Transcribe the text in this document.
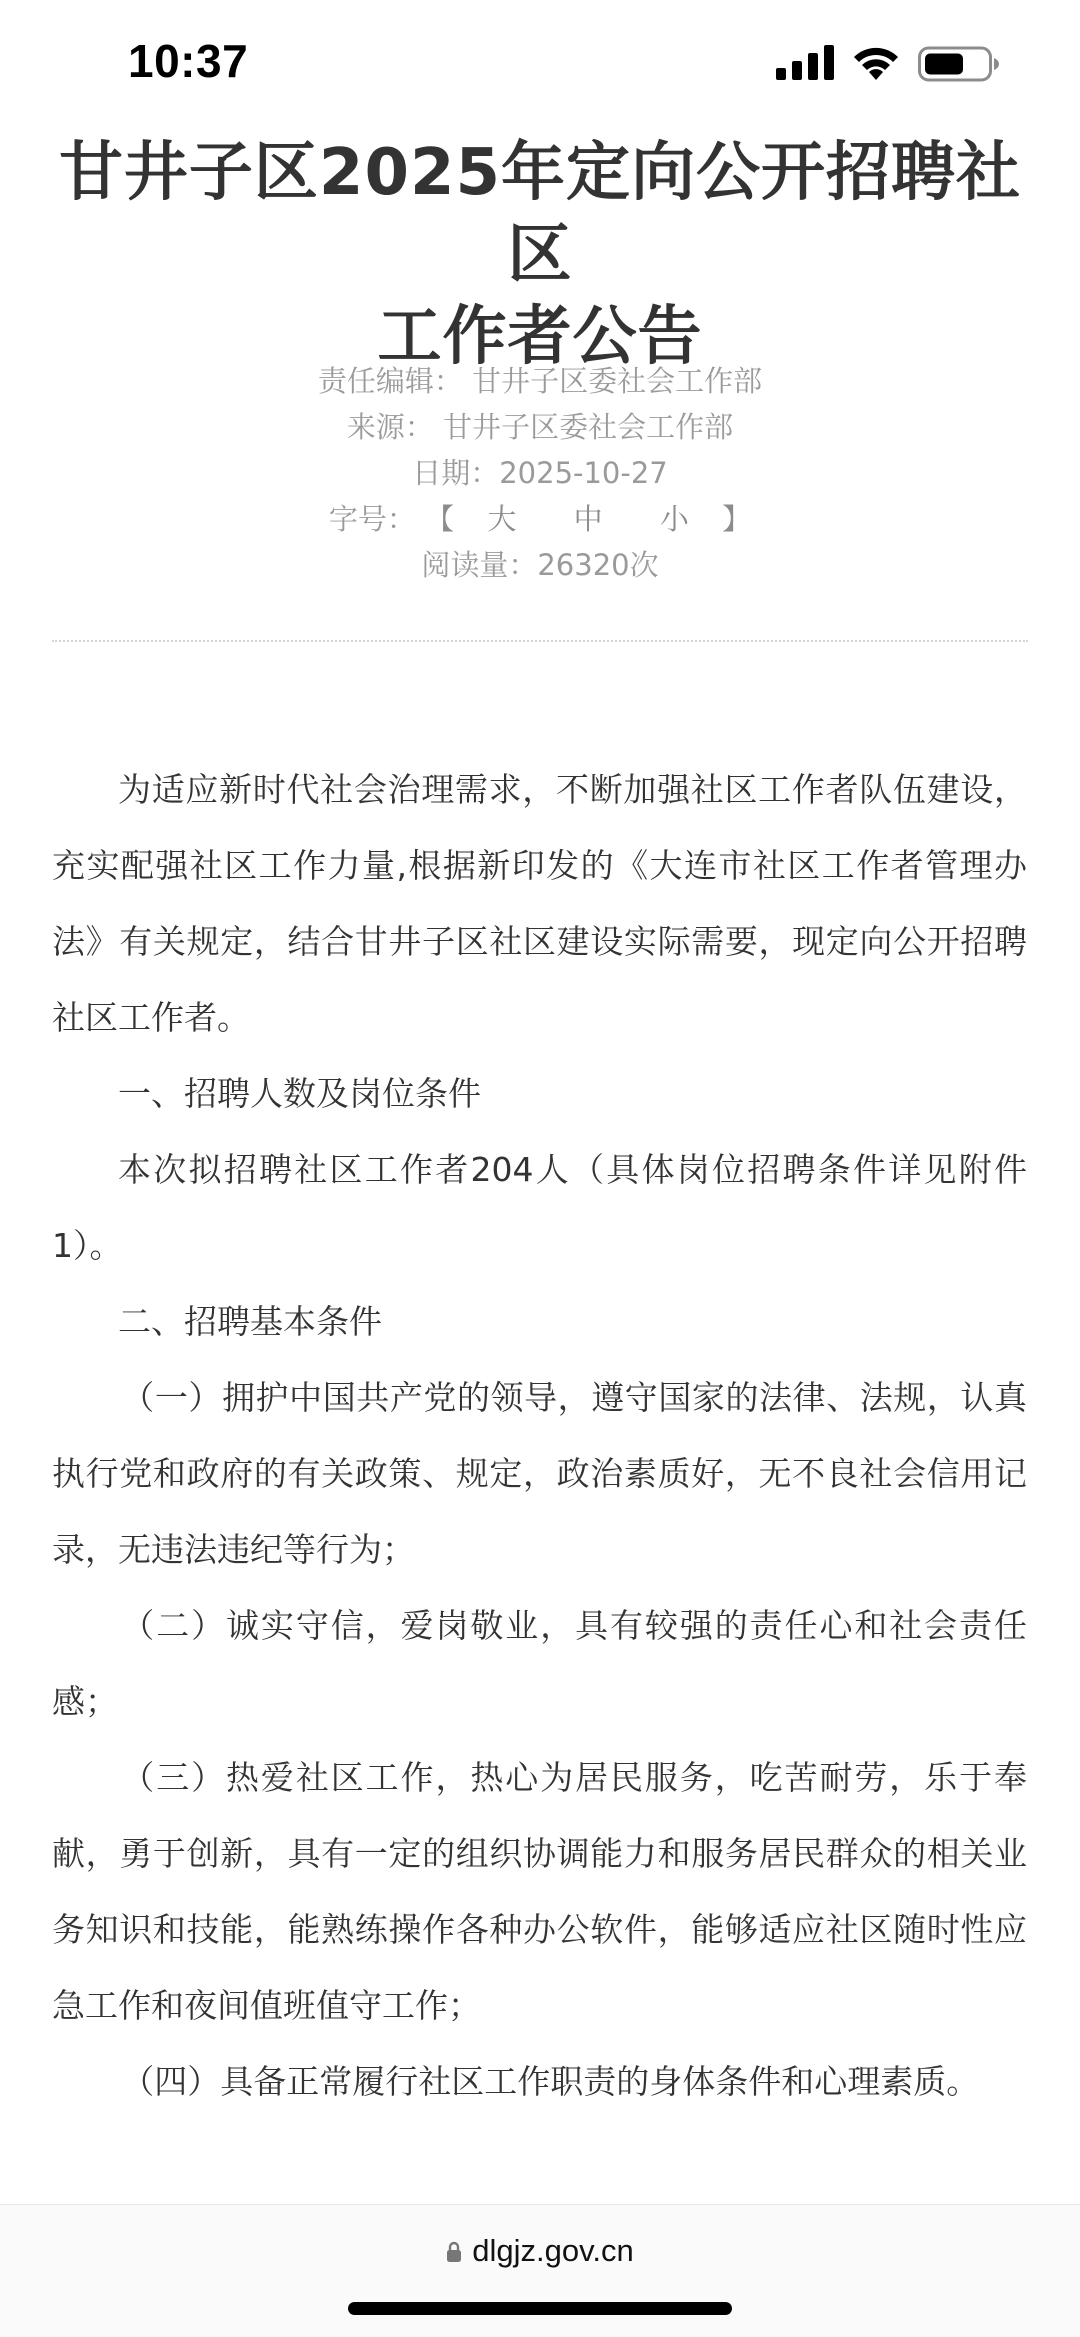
10:37
甘井子区2025年定向公开招聘社区
工作者公告
责任编辑： 甘井子区委社会工作部
来源： 甘井子区委社会工作部
日期：2025-10-27
字号： 【 大 中 小 】
阅读量：26320次

为适应新时代社会治理需求，不断加强社区工作者队伍建设，充实配强社区工作力量,根据新印发的《大连市社区工作者管理办法》有关规定，结合甘井子区社区建设实际需要，现定向公开招聘社区工作者。

一、招聘人数及岗位条件

本次拟招聘社区工作者204人（具体岗位招聘条件详见附件1）。

二、招聘基本条件

（一）拥护中国共产党的领导，遵守国家的法律、法规，认真执行党和政府的有关政策、规定，政治素质好，无不良社会信用记录，无违法违纪等行为；

（二）诚实守信，爱岗敬业，具有较强的责任心和社会责任感；

（三）热爱社区工作，热心为居民服务，吃苦耐劳，乐于奉献，勇于创新，具有一定的组织协调能力和服务居民群众的相关业务知识和技能，能熟练操作各种办公软件，能够适应社区随时性应急工作和夜间值班值守工作；

（四）具备正常履行社区工作职责的身体条件和心理素质。

dlgjz.gov.cn
